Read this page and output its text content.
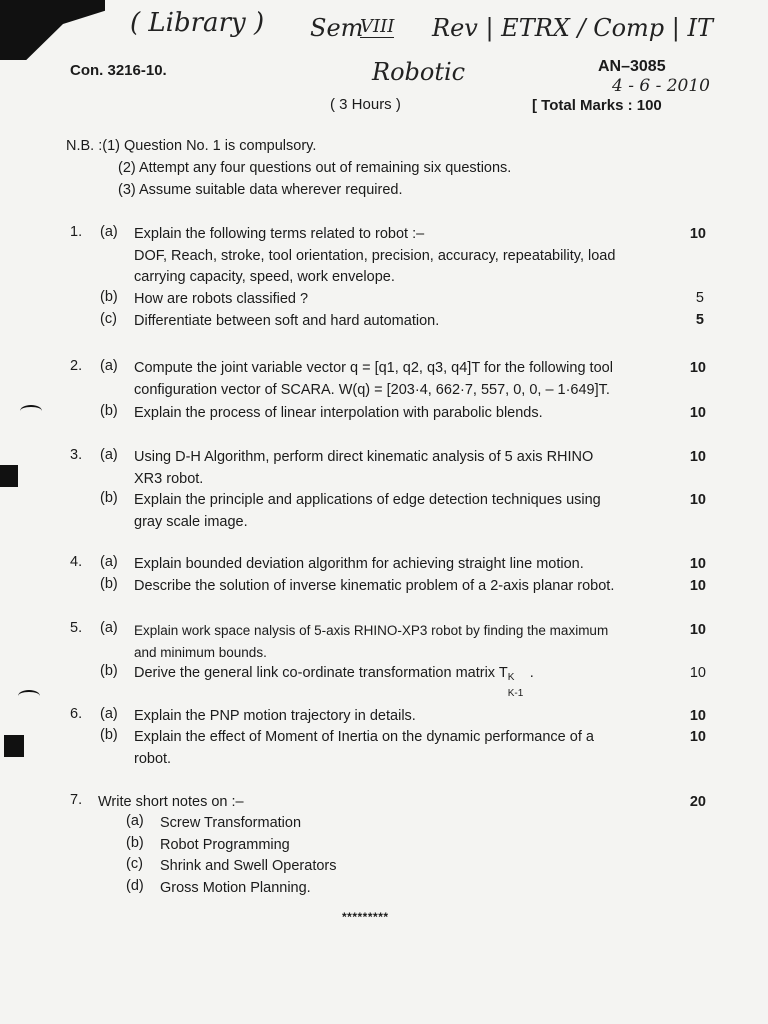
( Library ) Sem
VIII Rev | ETRX / Comp | IT
Robotic	4 - 6 - 2010
Con. 3216-10.	AN–3085
( 3 Hours )	[ Total Marks : 100
N.B. :(1) Question No. 1 is compulsory.
(2) Attempt any four questions out of remaining six questions.
(3) Assume suitable data wherever required.
1. (a) Explain the following terms related to robot :–
DOF, Reach, stroke, tool orientation, precision, accuracy, repeatability, load
carrying capacity, speed, work envelope.
10
(b) How are robots classified ?	5
(c) Differentiate between soft and hard automation.	5
2. (a) Compute the joint variable vector q = [q1, q2, q3, q4]T for the following tool
configuration vector of SCARA. W(q) = [203·4, 662·7, 557, 0, 0, – 1·649]T.
10
(b) Explain the process of linear interpolation with parabolic blends.	10
3. (a) Using D-H Algorithm, perform direct kinematic analysis of 5 axis RHINO
XR3 robot.
10
(b) Explain the principle and applications of edge detection techniques using
gray scale image.
10
4. (a) Explain bounded deviation algorithm for achieving straight line motion.	10
(b) Describe the solution of inverse kinematic problem of a 2-axis planar robot.	10
5. (a) Explain work space nalysis of 5-axis RHINO-XP3 robot by finding the maximum
and minimum bounds.
10
(b) Derive the general link co-ordinate transformation matrix T K
K-1
.	10
6. (a) Explain the PNP motion trajectory in details.	10
(b) Explain the effect of Moment of Inertia on the dynamic performance of a
robot.
10
7. Write short notes on :–	20
(a) Screw Transformation
(b) Robot Programming
(c) Shrink and Swell Operators
(d) Gross Motion Planning.
*********
